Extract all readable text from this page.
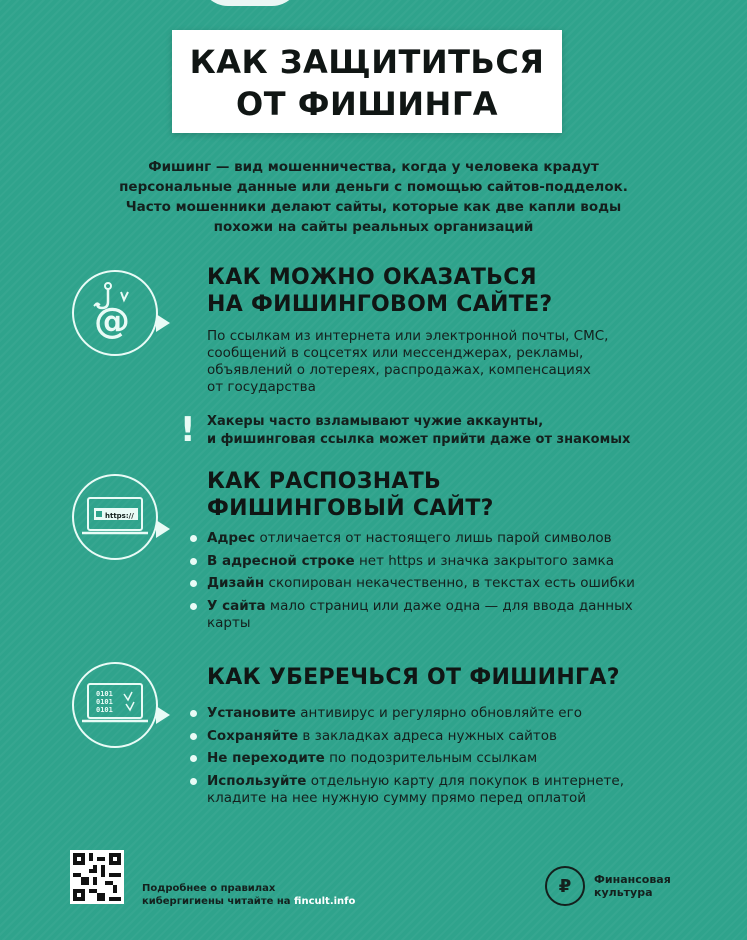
КАК ЗАЩИТИТЬСЯ
ОТ ФИШИНГА
Фишинг — вид мошенничества, когда у человека крадут
персональные данные или деньги с помощью сайтов-подделок.
Часто мошенники делают сайты, которые как две капли воды
похожи на сайты реальных организаций
@
КАК МОЖНО ОКАЗАТЬСЯ
НА ФИШИНГОВОМ САЙТЕ?
По ссылкам из интернета или электронной почты, СМС,
сообщений в соцсетях или мессенджерах, рекламы,
объявлений о лотереях, распродажах, компенсациях
от государства
! Хакеры часто взламывают чужие аккаунты,
и фишинговая ссылка может прийти даже от знакомых
https://
КАК РАСПОЗНАТЬ
ФИШИНГОВЫЙ САЙТ?
Адрес отличается от настоящего лишь парой символов
В адресной строке нет https и значка закрытого замка
Дизайн скопирован некачественно, в текстах есть ошибки
У сайта мало страниц или даже одна — для ввода данных
карты
0101
0101
0101
КАК УБЕРЕЧЬСЯ ОТ ФИШИНГА?
Установите антивирус и регулярно обновляйте его
Сохраняйте в закладках адреса нужных сайтов
Не переходите по подозрительным ссылкам
Используйте отдельную карту для покупок в интернете,
кладите на нее нужную сумму прямо перед оплатой
Подробнее о правилах
кибергигиены читайте на fincult.info
₽	Финансовая
культура
